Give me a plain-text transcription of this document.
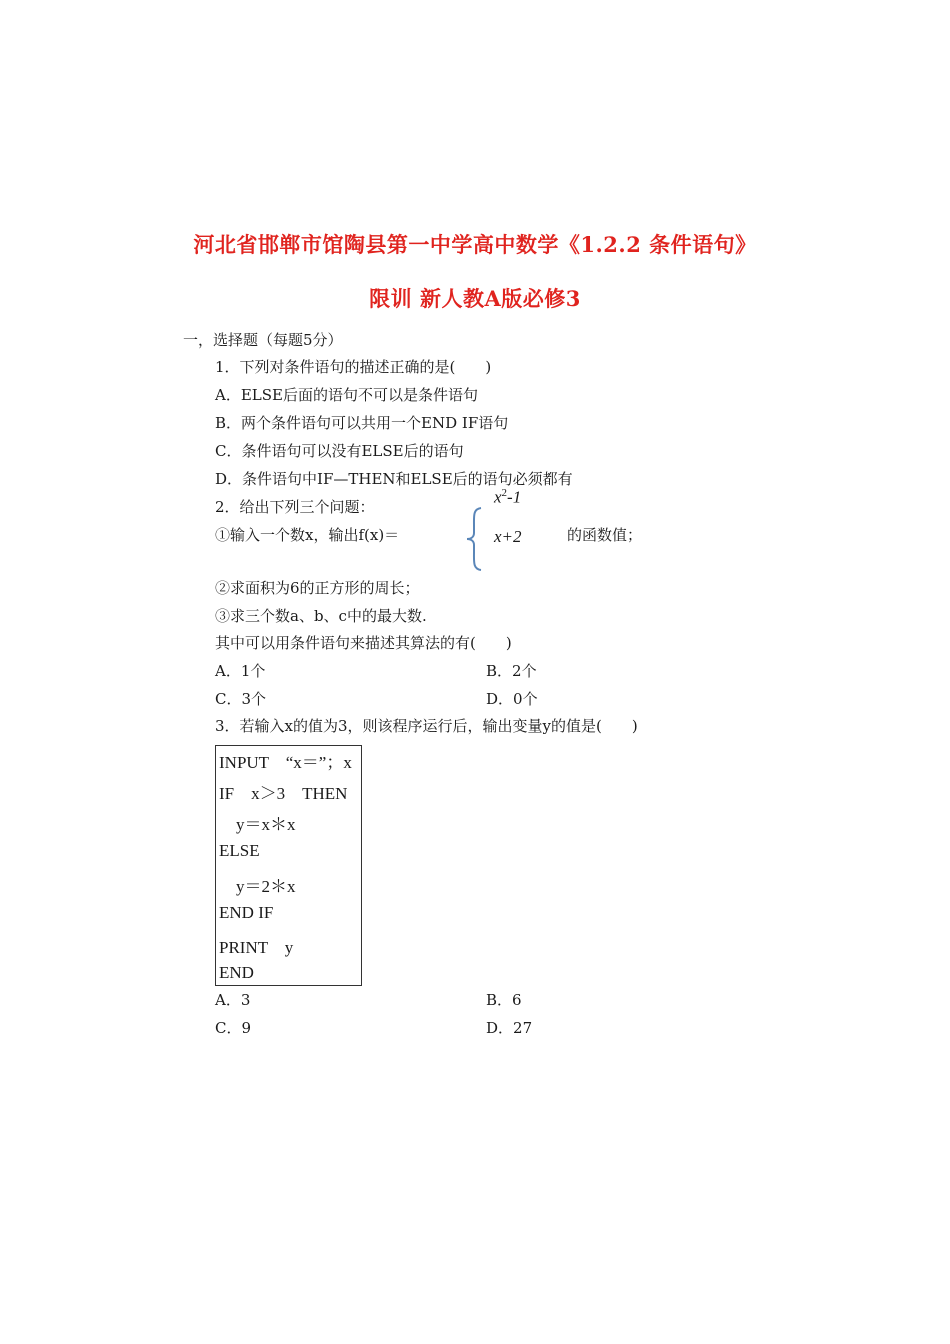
河北省邯郸市馆陶县第一中学高中数学《1.2.2 条件语句》
限训 新人教A版必修3
一，选择题（每题5分）
1．下列对条件语句的描述正确的是(　　)
A．ELSE后面的语句不可以是条件语句
B．两个条件语句可以共用一个END IF语句
C．条件语句可以没有ELSE后的语句
D．条件语句中IF—THEN和ELSE后的语句必须都有
2．给出下列三个问题：
①输入一个数x，输出f(x)＝
$x^2-1$
x+2	的函数值；
②求面积为6的正方形的周长；
③求三个数a、b、c中的最大数.
其中可以用条件语句来描述其算法的有(　　)
A．1个	B．2个
C．3个	D．0个
3．若输入x的值为3，则该程序运行后，输出变量y的值是(　　)
INPUT　“x＝”；x
IF　x＞3　THEN
　y＝x＊x
ELSE
　y＝2＊x
END IF
PRINT　y
END
A．3	B．6
C．9	D．27
